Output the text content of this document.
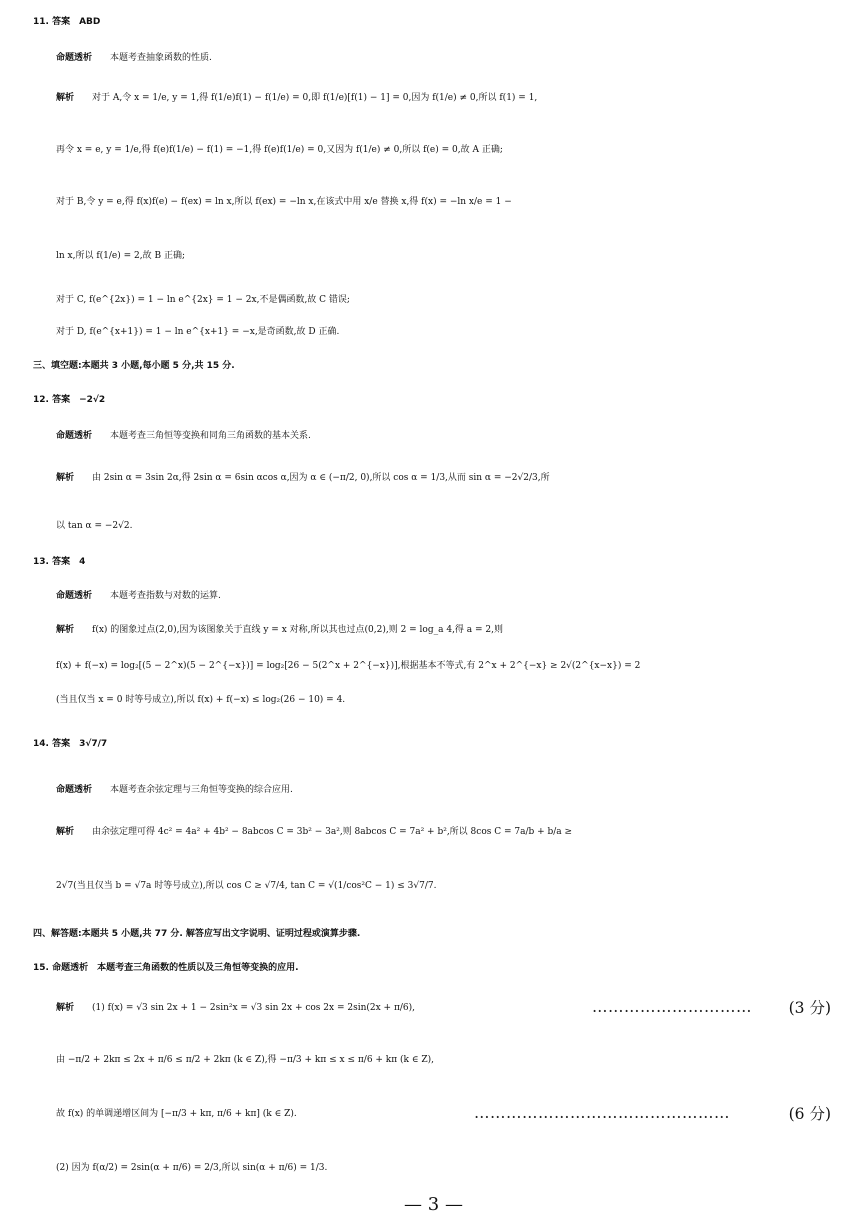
11. 答案　ABD
命题透析 本题考查抽象函数的性质.
解析 对于 A,令 x = 1/e, y = 1,得 f(1/e)f(1) − f(1/e) = 0,即 f(1/e)[f(1) − 1] = 0,因为 f(1/e) ≠ 0,所以 f(1) = 1,
再令 x = e, y = 1/e,得 f(e)f(1/e) − f(1) = −1,得 f(e)f(1/e) = 0,又因为 f(1/e) ≠ 0,所以 f(e) = 0,故 A 正确;
对于 B,令 y = e,得 f(x)f(e) − f(ex) = ln x,所以 f(ex) = −ln x,在该式中用 x/e 替换 x,得 f(x) = −ln x/e = 1 −
ln x,所以 f(1/e) = 2,故 B 正确;
对于 C, f(e^{2x}) = 1 − ln e^{2x} = 1 − 2x,不是偶函数,故 C 错误;
对于 D, f(e^{x+1}) = 1 − ln e^{x+1} = −x,是奇函数,故 D 正确.
三、填空题:本题共 3 小题,每小题 5 分,共 15 分.
12. 答案　−2√2
命题透析 本题考查三角恒等变换和同角三角函数的基本关系.
解析 由 2sin α = 3sin 2α,得 2sin α = 6sin αcos α,因为 α ∈ (−π/2, 0),所以 cos α = 1/3,从而 sin α = −2√2/3,所
以 tan α = −2√2.
13. 答案　4
命题透析 本题考查指数与对数的运算.
解析 f(x) 的图象过点(2,0),因为该图象关于直线 y = x 对称,所以其也过点(0,2),则 2 = log_a 4,得 a = 2,则
f(x) + f(−x) = log₂[(5 − 2^x)(5 − 2^{−x})] = log₂[26 − 5(2^x + 2^{−x})],根据基本不等式,有 2^x + 2^{−x} ≥ 2√(2^{x−x}) = 2
(当且仅当 x = 0 时等号成立),所以 f(x) + f(−x) ≤ log₂(26 − 10) = 4.
14. 答案　3√7/7
命题透析 本题考查余弦定理与三角恒等变换的综合应用.
解析 由余弦定理可得 4c² = 4a² + 4b² − 8abcos C = 3b² − 3a²,则 8abcos C = 7a² + b²,所以 8cos C = 7a/b + b/a ≥
2√7(当且仅当 b = √7a 时等号成立),所以 cos C ≥ √7/4, tan C = √(1/cos²C − 1) ≤ 3√7/7.
四、解答题:本题共 5 小题,共 77 分. 解答应写出文字说明、证明过程或演算步骤.
15. 命题透析　本题考查三角函数的性质以及三角恒等变换的应用.
解析 (1) f(x) = √3 sin 2x + 1 − 2sin²x = √3 sin 2x + cos 2x = 2sin(2x + π/6),
由 −π/2 + 2kπ ≤ 2x + π/6 ≤ π/2 + 2kπ (k ∈ Z),得 −π/3 + kπ ≤ x ≤ π/6 + kπ (k ∈ Z),
故 f(x) 的单调递增区间为 [−π/3 + kπ, π/6 + kπ] (k ∈ Z).
(2) 因为 f(α/2) = 2sin(α + π/6) = 2/3,所以 sin(α + π/6) = 1/3.
………………………… (3 分)
…………………………………………	(6 分)
— 3 —
